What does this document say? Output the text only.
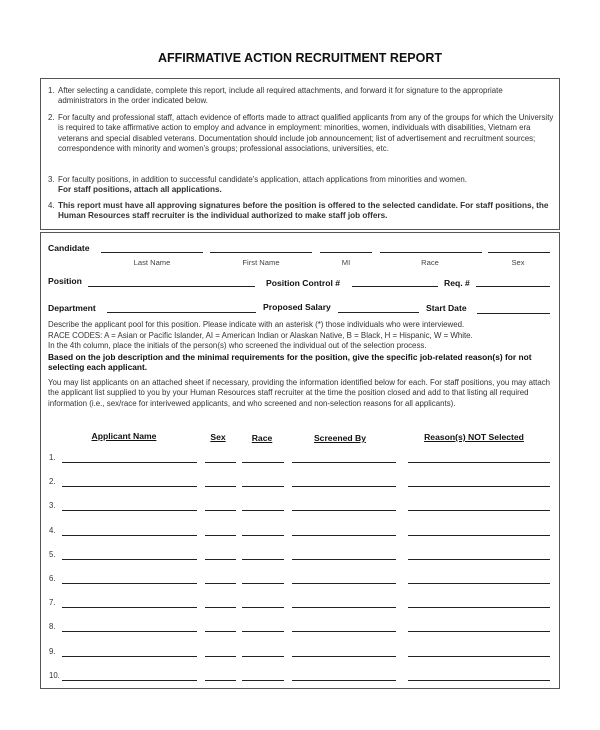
AFFIRMATIVE ACTION RECRUITMENT REPORT
1. After selecting a candidate, complete this report, include all required attachments, and forward it for signature to the appropriate administrators in the order indicated below.
2. For faculty and professional staff, attach evidence of efforts made to attract qualified applicants from any of the groups for which the University is required to take affirmative action to employ and advance in employment: minorities, women, individuals with disabilities, Vietnam era veterans and special disabled veterans. Documentation should include job announcement; list of advertisement and recruitment sources; correspondence with minority and women's groups; professional associations, universities, etc.
3. For faculty positions, in addition to successful candidate's application, attach applications from minorities and women.
For staff positions, attach all applications.
4. This report must have all approving signatures before the position is offered to the selected candidate. For staff positions, the Human Resources staff recruiter is the individual authorized to make staff job offers.
Candidate
Last Name	First Name	MI	Race	Sex
Position	Position Control #	Req. #
Department	Proposed Salary	Start Date
Describe the applicant pool for this position. Please indicate with an asterisk (*) those individuals who were interviewed.
RACE CODES: A = Asian or Pacific Islander, AI = American Indian or Alaskan Native, B = Black, H = Hispanic, W = White.
In the 4th column, place the initials of the person(s) who screened the individual out of the selection process.
Based on the job description and the minimal requirements for the position, give the specific job-related reason(s) for not selecting each applicant.
You may list applicants on an attached sheet if necessary, providing the information identified below for each. For staff positions, you may attach the applicant list supplied to you by your Human Resources staff recruiter at the time the position closed and add to that listing all required information (i.e., sex/race for interivewed applicants, and who screened and non-selection reasons for all applicants).
Applicant Name	Sex	Race	Screened By	Reason(s) NOT Selected
1.
2.
3.
4.
5.
6.
7.
8.
9.
10.
